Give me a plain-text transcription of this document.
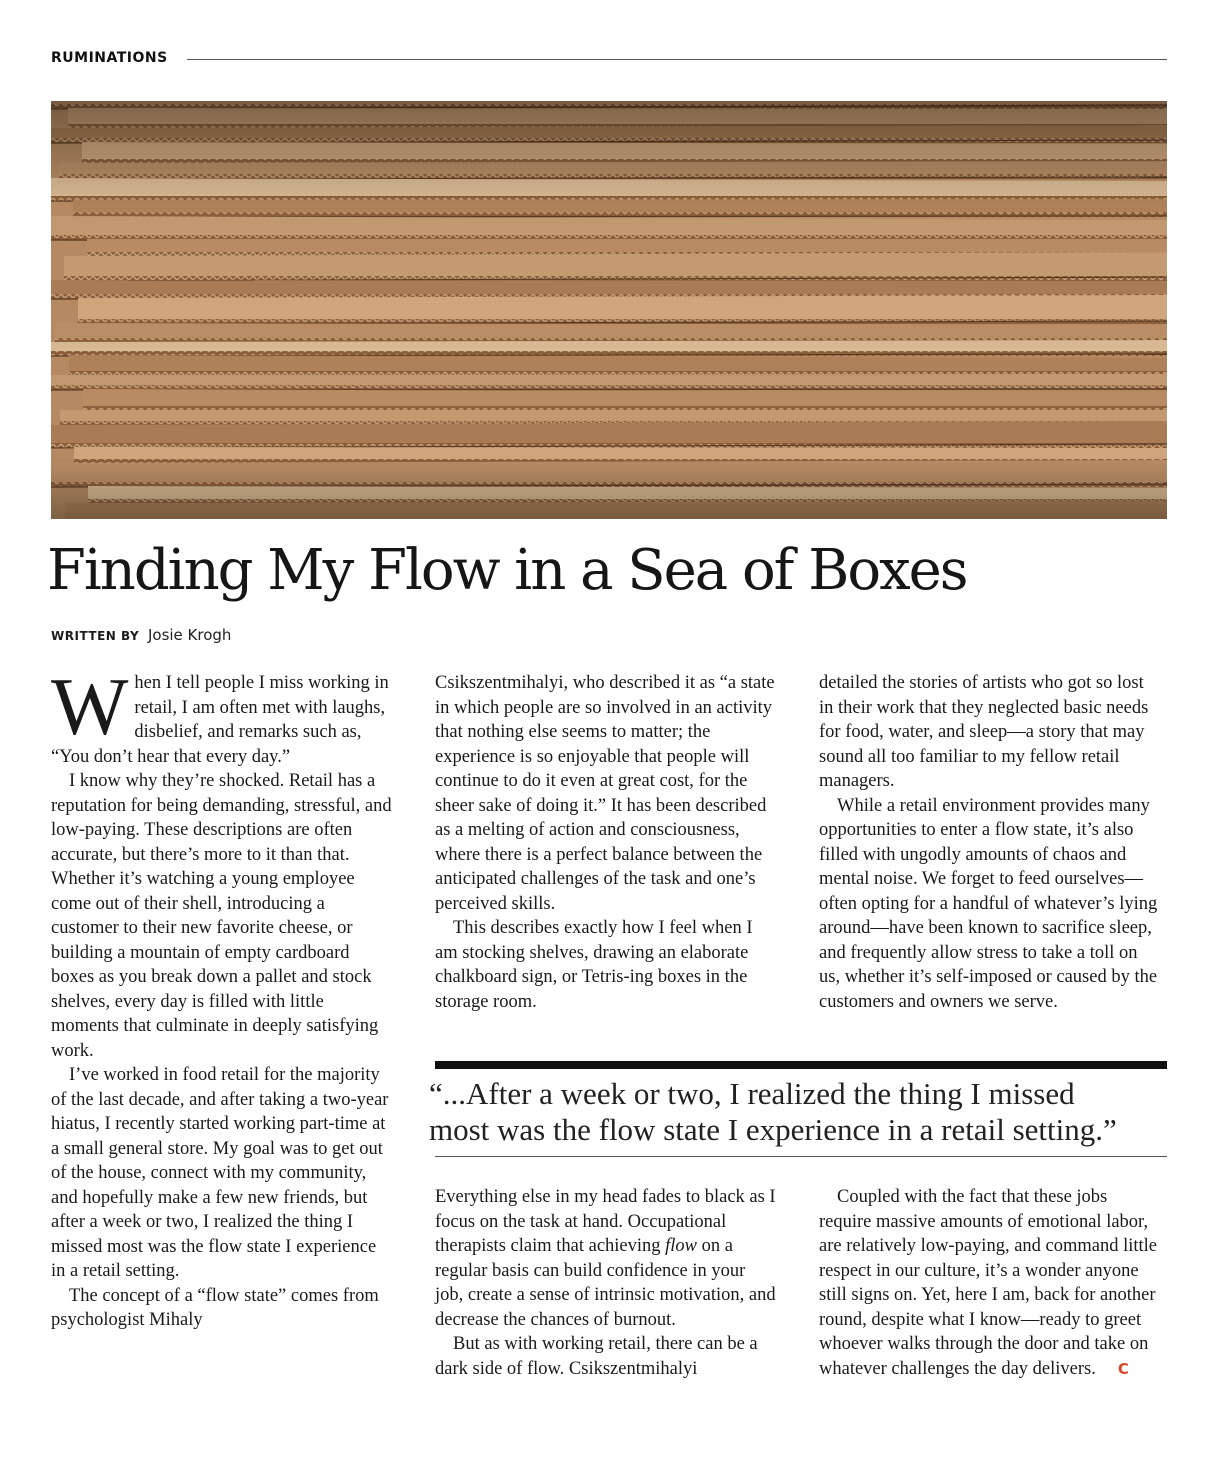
RUMINATIONS
Finding My Flow in a Sea of Boxes
WRITTEN BY Josie Krogh

When I tell people I miss working in retail, I am often met with laughs, disbelief, and remarks such as, “You don’t hear that every day.”

I know why they’re shocked. Retail has a reputation for being demanding, stressful, and low-paying. These descriptions are often accurate, but there’s more to it than that. Whether it’s watching a young employee come out of their shell, introducing a customer to their new favorite cheese, or building a mountain of empty cardboard boxes as you break down a pallet and stock shelves, every day is filled with little moments that culminate in deeply satisfying work.

I’ve worked in food retail for the majority of the last decade, and after taking a two-year hiatus, I recently started working part-time at a small general store. My goal was to get out of the house, connect with my community, and hopefully make a few new friends, but after a week or two, I realized the thing I missed most was the flow state I experience in a retail setting.

The concept of a “flow state” comes from psychologist Mihaly

Csikszentmihalyi, who described it as “a state in which people are so involved in an activity that nothing else seems to matter; the experience is so enjoyable that people will continue to do it even at great cost, for the sheer sake of doing it.” It has been described as a melting of action and consciousness, where there is a perfect balance between the anticipated challenges of the task and one’s perceived skills.

This describes exactly how I feel when I am stocking shelves, drawing an elaborate chalkboard sign, or Tetris-ing boxes in the storage room.

detailed the stories of artists who got so lost in their work that they neglected basic needs for food, water, and sleep—a story that may sound all too familiar to my fellow retail managers.

While a retail environment provides many opportunities to enter a flow state, it’s also filled with ungodly amounts of chaos and mental noise. We forget to feed ourselves—often opting for a handful of whatever’s lying around—have been known to sacrifice sleep, and frequently allow stress to take a toll on us, whether it’s self-imposed or caused by the customers and owners we serve.

“...After a week or two, I realized the thing I missed
most was the flow state I experience in a retail setting.”

Everything else in my head fades to black as I focus on the task at hand. Occupational therapists claim that achieving flow on a regular basis can build confidence in your job, create a sense of intrinsic motivation, and decrease the chances of burnout.

But as with working retail, there can be a dark side of flow. Csikszentmihalyi

Coupled with the fact that these jobs require massive amounts of emotional labor, are relatively low-paying, and command little respect in our culture, it’s a wonder anyone still signs on. Yet, here I am, back for another round, despite what I know—ready to greet whoever walks through the door and take on whatever challenges the day delivers. C
